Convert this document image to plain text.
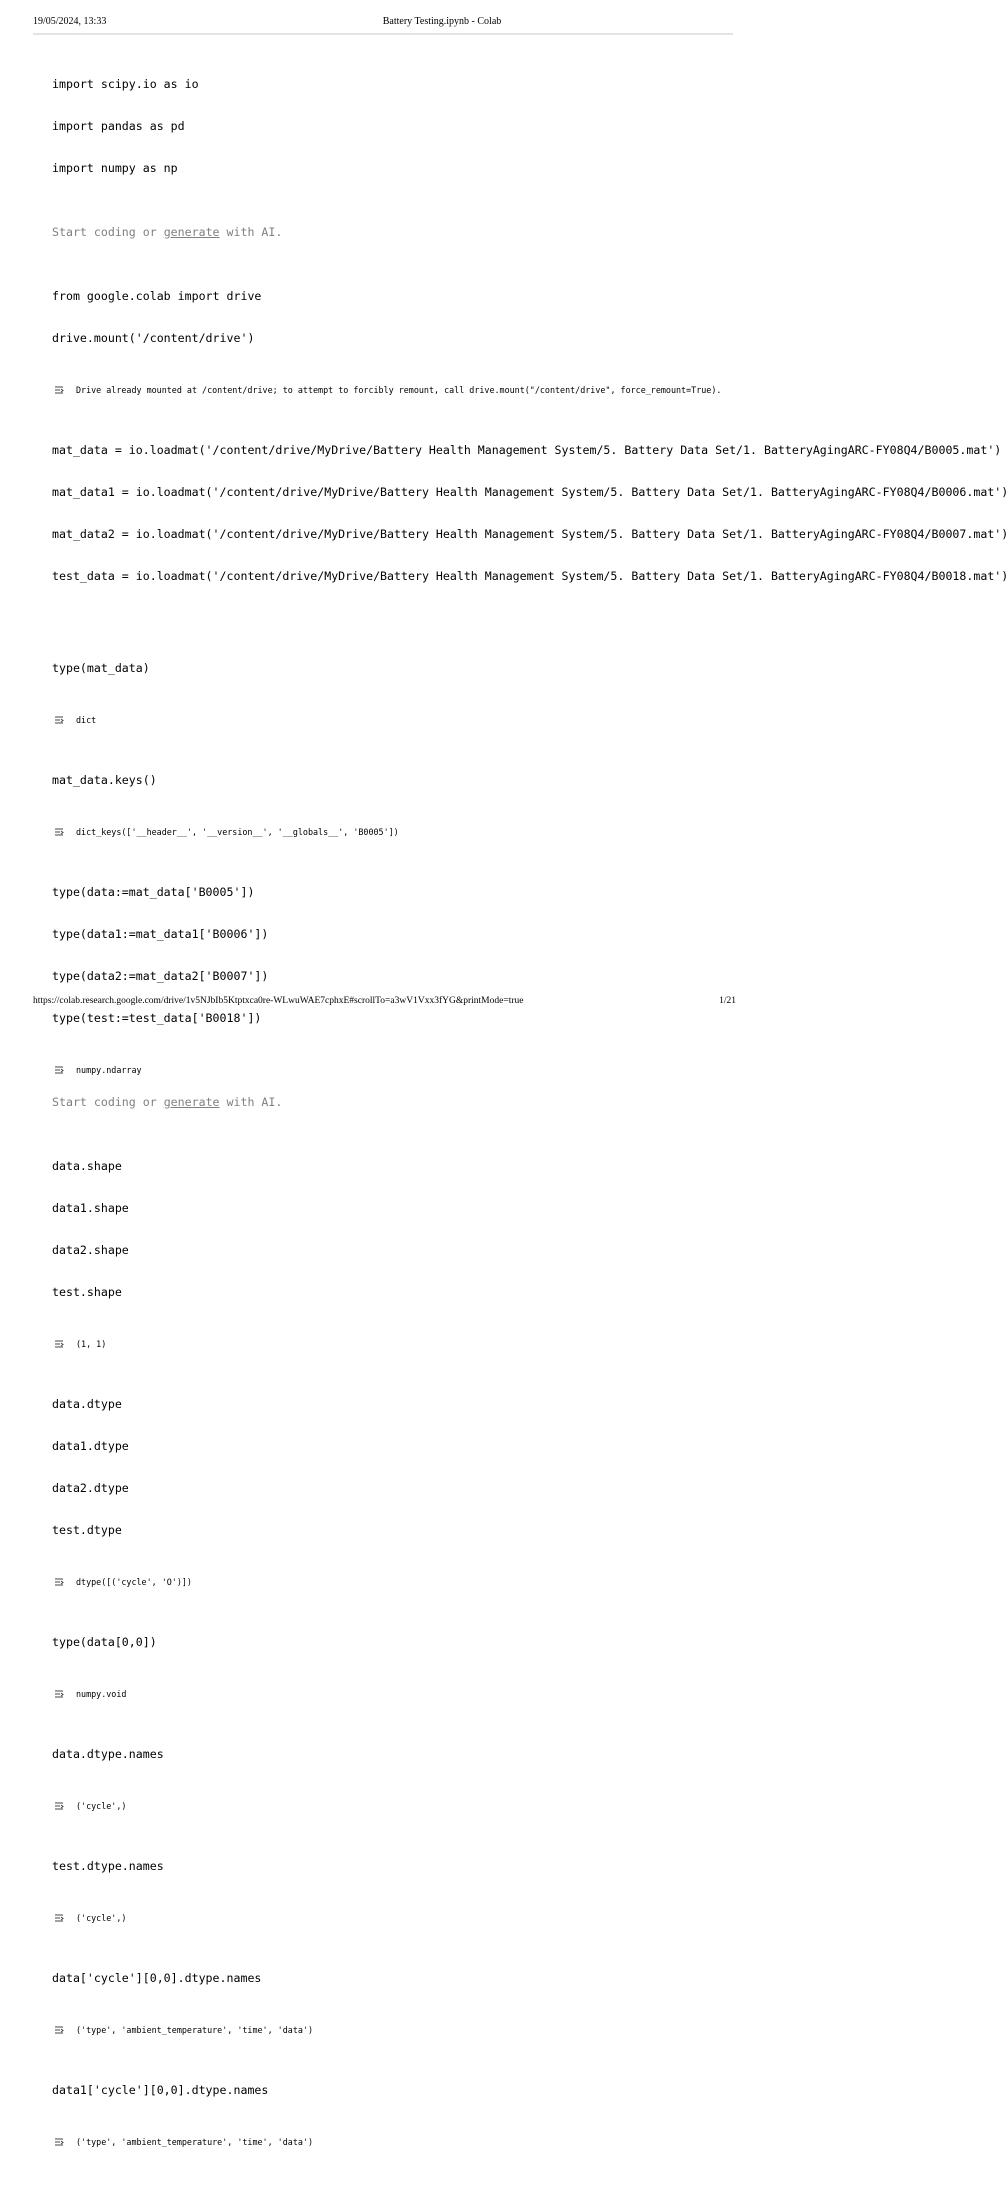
19/05/2024, 13:33	Battery Testing.ipynb - Colab

import scipy.io as io

import pandas as pd

import numpy as np

Start coding or generate with AI.

from google.colab import drive

drive.mount('/content/drive')

Drive already mounted at /content/drive; to attempt to forcibly remount, call drive.mount("/content/drive", force_remount=True).

mat_data = io.loadmat('/content/drive/MyDrive/Battery Health Management System/5. Battery Data Set/1. BatteryAgingARC-FY08Q4/B0005.mat')

mat_data1 = io.loadmat('/content/drive/MyDrive/Battery Health Management System/5. Battery Data Set/1. BatteryAgingARC-FY08Q4/B0006.mat')

mat_data2 = io.loadmat('/content/drive/MyDrive/Battery Health Management System/5. Battery Data Set/1. BatteryAgingARC-FY08Q4/B0007.mat')

test_data = io.loadmat('/content/drive/MyDrive/Battery Health Management System/5. Battery Data Set/1. BatteryAgingARC-FY08Q4/B0018.mat')

type(mat_data)

dict

mat_data.keys()

dict_keys(['__header__', '__version__', '__globals__', 'B0005'])

type(data:=mat_data['B0005'])

type(data1:=mat_data1['B0006'])

type(data2:=mat_data2['B0007'])

type(test:=test_data['B0018'])

numpy.ndarray

Start coding or generate with AI.

data.shape

data1.shape

data2.shape

test.shape

(1, 1)

data.dtype

data1.dtype

data2.dtype

test.dtype

dtype([('cycle', 'O')])

type(data[0,0])

numpy.void

data.dtype.names

('cycle',)

test.dtype.names

('cycle',)

data['cycle'][0,0].dtype.names

('type', 'ambient_temperature', 'time', 'data')

data1['cycle'][0,0].dtype.names

('type', 'ambient_temperature', 'time', 'data')

https://colab.research.google.com/drive/1v5NJbIb5Ktptxca0re-WLwuWAE7cphxE#scrollTo=a3wV1Vxx3fYG&printMode=true	1/21
